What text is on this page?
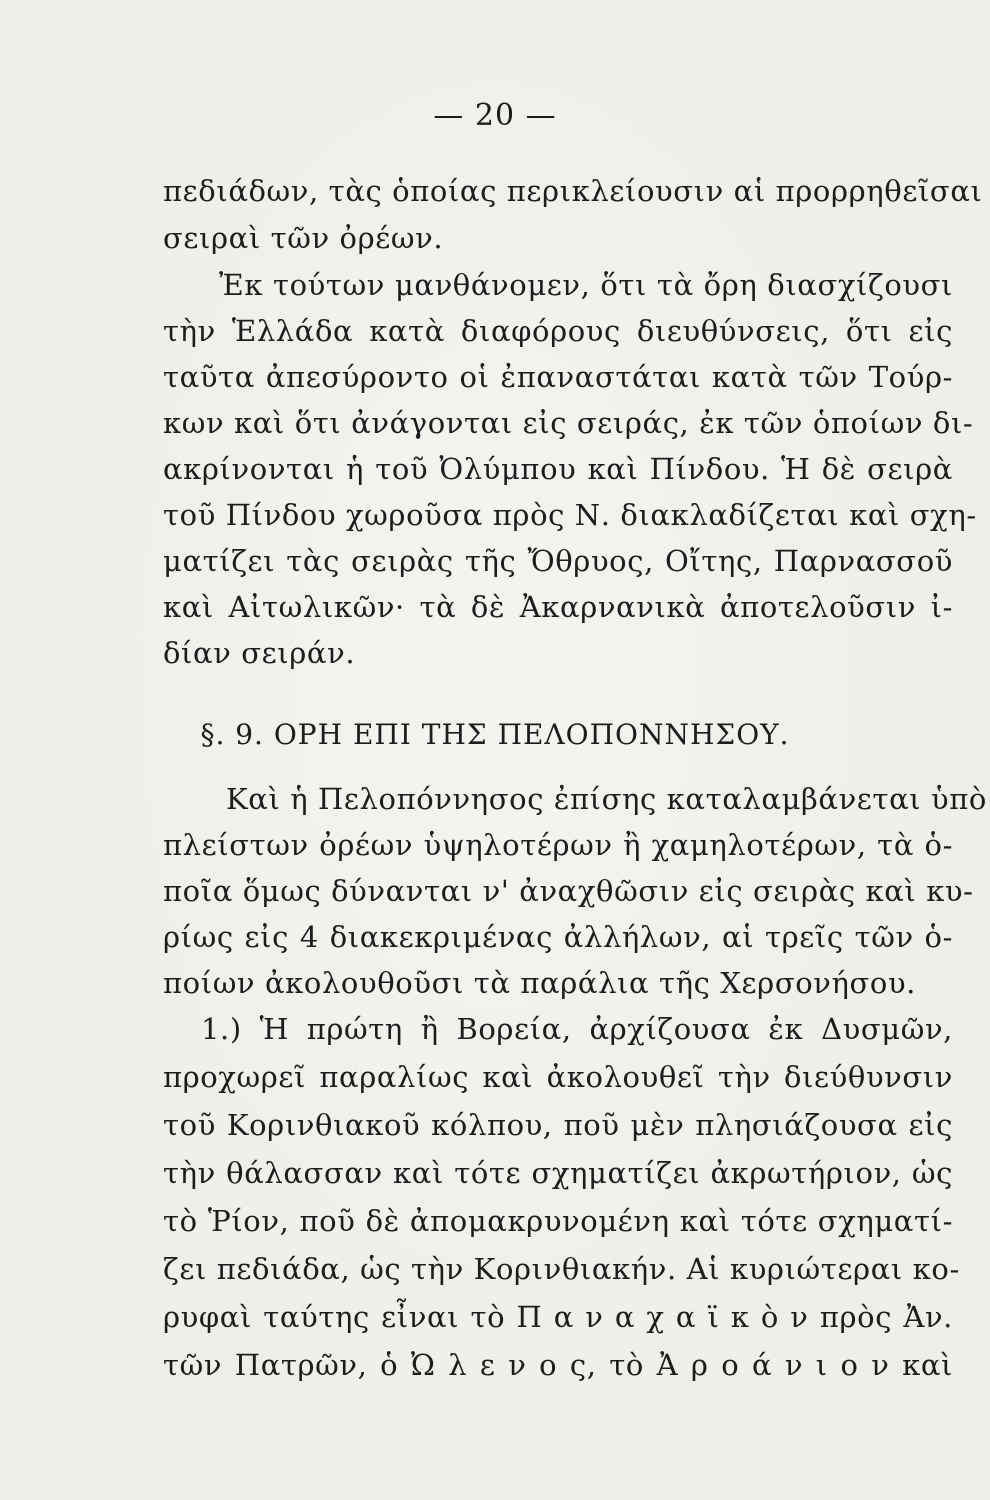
— 20 —
πεδιάδων, τὰς ὁποίας περικλείουσιν αἱ προρρηθεῖσαι
σειραὶ τῶν ὀρέων.
Ἐκ τούτων μανθάνομεν, ὅτι τὰ ὄρη διασχίζουσι
τὴν Ἑλλάδα κατὰ διαφόρους διευθύνσεις, ὅτι εἰς
ταῦτα ἀπεσύροντο οἱ ἐπαναστάται κατὰ τῶν Τούρ-
κων καὶ ὅτι ἀνάγονται εἰς σειράς, ἐκ τῶν ὁποίων δι-
ακρίνονται ἡ τοῦ Ὀλύμπου καὶ Πίνδου. Ἡ δὲ σειρὰ
τοῦ Πίνδου χωροῦσα πρὸς Ν. διακλαδίζεται καὶ σχη-
ματίζει τὰς σειρὰς τῆς Ὄθρυος, Οἴτης, Παρνασσοῦ
καὶ Αἰτωλικῶν· τὰ δὲ Ἀκαρνανικὰ ἀποτελοῦσιν ἰ-
δίαν σειράν.
§. 9. ΟΡΗ ΕΠΙ ΤΗΣ ΠΕΛΟΠΟΝΝΗΣΟΥ.
Καὶ ἡ Πελοπόννησος ἐπίσης καταλαμβάνεται ὑπὸ
πλείστων ὀρέων ὑψηλοτέρων ἢ χαμηλοτέρων, τὰ ὁ-
ποῖα ὅμως δύνανται ν' ἀναχθῶσιν εἰς σειρὰς καὶ κυ-
ρίως εἰς 4 διακεκριμένας ἀλλήλων, αἱ τρεῖς τῶν ὁ-
ποίων ἀκολουθοῦσι τὰ παράλια τῆς Χερσονήσου.
1.) Ἡ πρώτη ἢ Βορεία, ἀρχίζουσα ἐκ Δυσμῶν,
προχωρεῖ παραλίως καὶ ἀκολουθεῖ τὴν διεύθυνσιν
τοῦ Κορινθιακοῦ κόλπου, ποῦ μὲν πλησιάζουσα εἰς
τὴν θάλασσαν καὶ τότε σχηματίζει ἀκρωτήριον, ὡς
τὸ Ῥίον, ποῦ δὲ ἀπομακρυνομένη καὶ τότε σχηματί-
ζει πεδιάδα, ὡς τὴν Κορινθιακήν. Αἱ κυριώτεραι κο-
ρυφαὶ ταύτης εἶναι τὸ Π α ν α χ α ϊ κ ὸ ν πρὸς Ἀν.
τῶν Πατρῶν, ὁ Ὠ λ ε ν ο ς, τὸ Ἀ ρ ο ά ν ι ο ν καὶ
